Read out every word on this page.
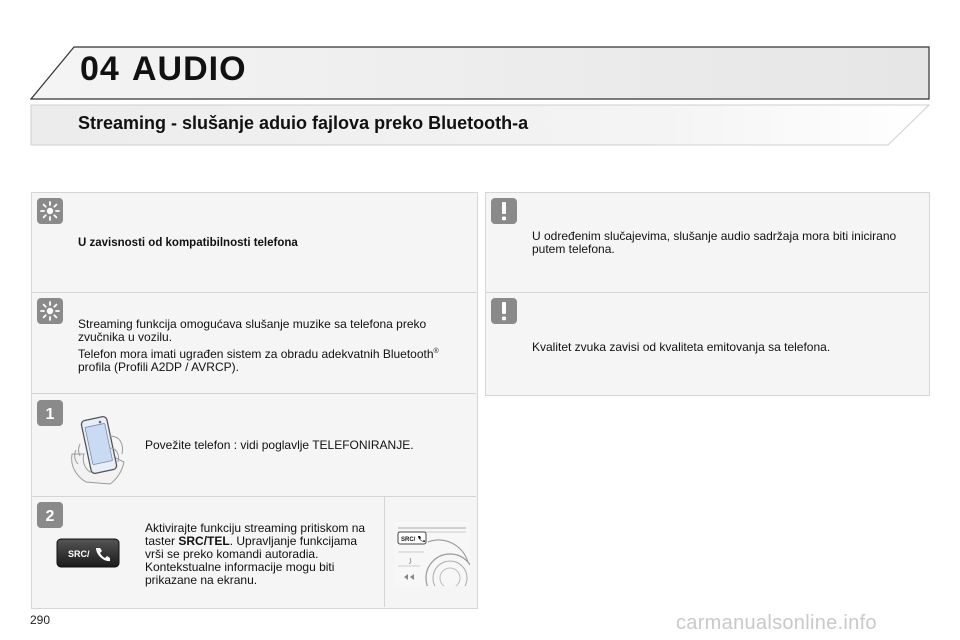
04 AUDIO
Streaming - slušanje aduio fajlova preko Bluetooth-a
U zavisnosti od kompatibilnosti telefona
Streaming funkcija omogućava slušanje muzike sa telefona preko zvučnika u vozilu.
Telefon mora imati ugrađen sistem za obradu adekvatnih Bluetooth® profila (Profili A2DP / AVRCP).
1
Povežite telefon : vidi poglavlje TELEFONIRANJE.
2
SRC/
Aktivirajte funkciju streaming pritiskom na taster SRC/TEL. Upravljanje funkcijama vrši se preko komandi autoradia. Kontekstualne informacije mogu biti prikazane na ekranu.
SRC/
U određenim slučajevima, slušanje audio sadržaja mora biti inicirano putem telefona.
Kvalitet zvuka zavisi od kvaliteta emitovanja sa telefona.
290	carmanualsonline.info
